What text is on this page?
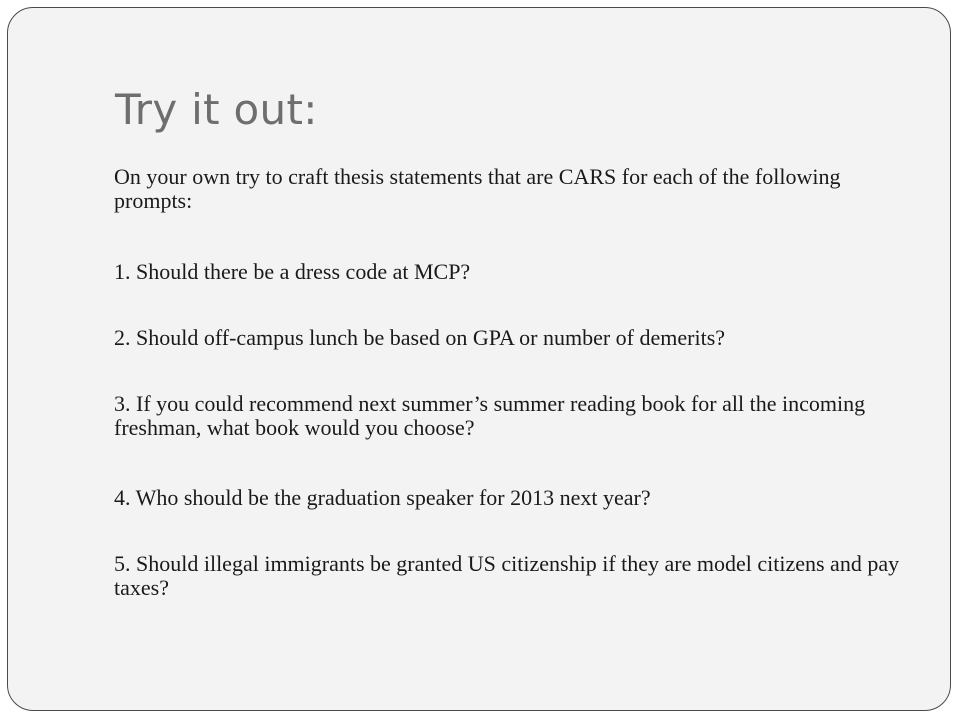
Try it out:

On your own try to craft thesis statements that are CARS for each of the following prompts:

1. Should there be a dress code at MCP?

2. Should off-campus lunch be based on GPA or number of demerits?

3. If you could recommend next summer’s summer reading book for all the incoming freshman, what book would you choose?

4. Who should be the graduation speaker for 2013 next year?

5. Should illegal immigrants be granted US citizenship if they are model citizens and pay taxes?
